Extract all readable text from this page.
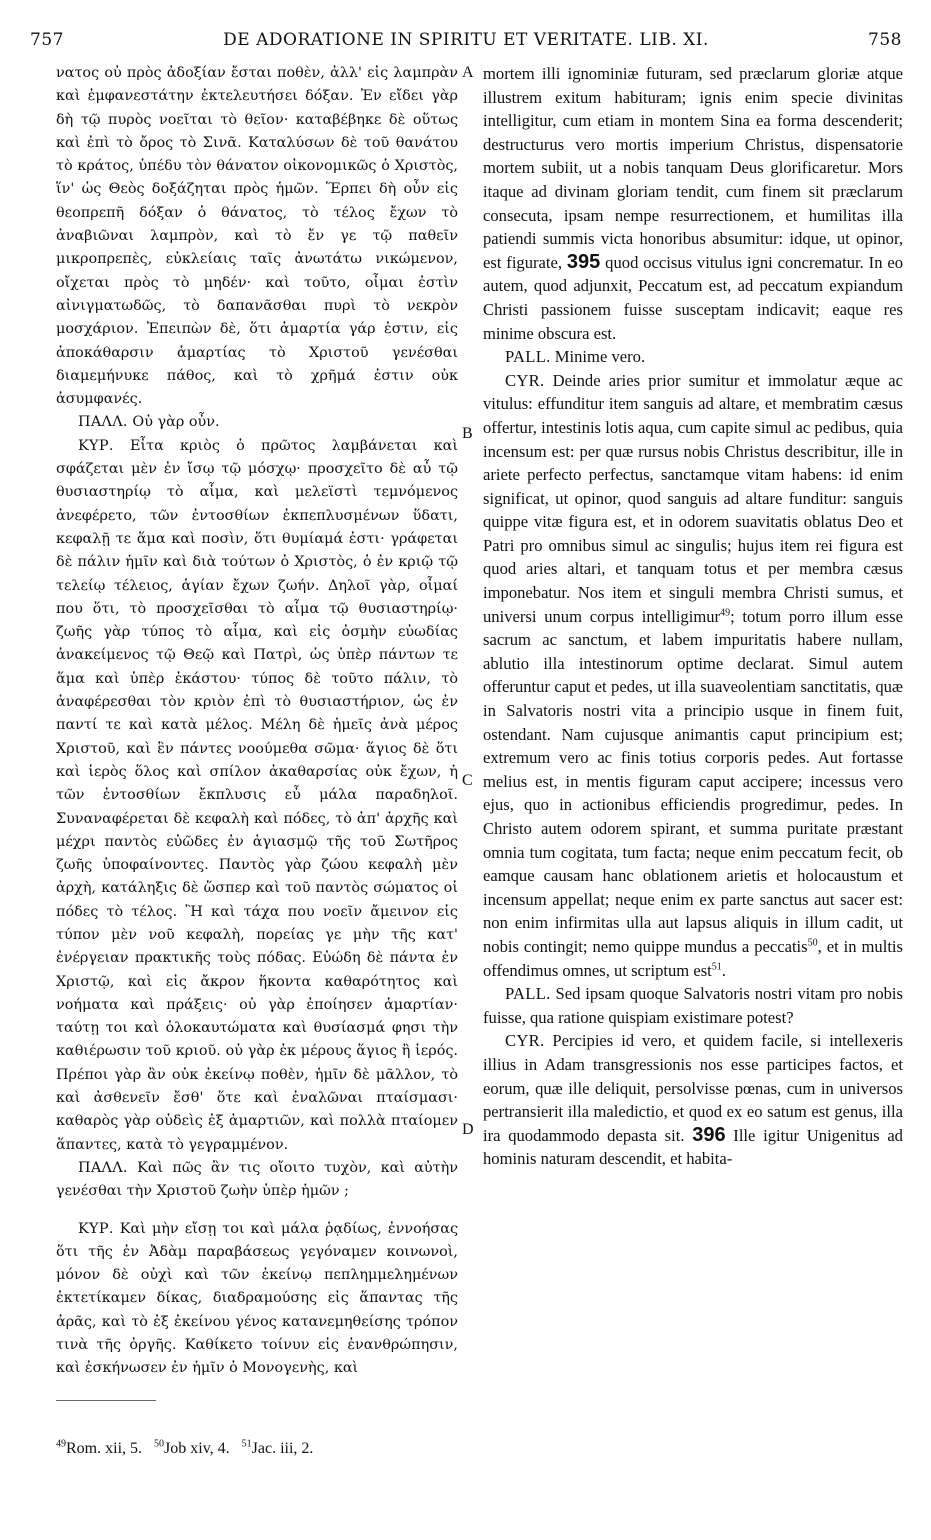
757	DE ADORATIONE IN SPIRITU ET VERITATE. LIB. XI.	758
A
B
C
D

νατος οὐ πρὸς ἀδοξίαν ἔσται ποθὲν, ἀλλ' εἰς λαμπρὰν καὶ ἐμφανεστάτην ἐκτελευτήσει δόξαν. Ἐν εἴδει γὰρ δὴ τῷ πυρὸς νοεῖται τὸ θεῖον· καταβέβηκε δὲ οὕτως καὶ ἐπὶ τὸ ὄρος τὸ Σινᾶ. Καταλύσων δὲ τοῦ θανάτου τὸ κράτος, ὑπέδυ τὸν θάνατον οἰκονομικῶς ὁ Χριστὸς, ἵν' ὡς Θεὸς δοξάζηται πρὸς ἡμῶν. Ἕρπει δὴ οὖν εἰς θεοπρεπῆ δόξαν ὁ θάνατος, τὸ τέλος ἔχων τὸ ἀναβιῶναι λαμπρὸν, καὶ τὸ ἔν γε τῷ παθεῖν μικροπρεπὲς, εὐκλείαις ταῖς ἀνωτάτω νικώμενον, οἴχεται πρὸς τὸ μηδέν· καὶ τοῦτο, οἶμαι ἐστὶν αἰνιγματωδῶς, τὸ δαπανᾶσθαι πυρὶ τὸ νεκρὸν μοσχάριον. Ἐπειπὼν δὲ, ὅτι ἁμαρτία γάρ ἐστιν, εἰς ἀποκάθαρσιν ἁμαρτίας τὸ Χριστοῦ γενέσθαι διαμεμήνυκε πάθος, καὶ τὸ χρῆμά ἐστιν οὐκ ἀσυμφανές.

ΠΑΛΛ. Οὐ γὰρ οὖν.

ΚΥΡ. Εἶτα κριὸς ὁ πρῶτος λαμβάνεται καὶ σφάζεται μὲν ἐν ἴσῳ τῷ μόσχῳ· προσχεῖτο δὲ αὖ τῷ θυσιαστηρίῳ τὸ αἷμα, καὶ μελεϊστὶ τεμνόμενος ἀνεφέρετο, τῶν ἐντοσθίων ἐκπεπλυσμένων ὕδατι, κεφαλῇ τε ἅμα καὶ ποσὶν, ὅτι θυμίαμά ἐστι· γράφεται δὲ πάλιν ἡμῖν καὶ διὰ τούτων ὁ Χριστὸς, ὁ ἐν κριῷ τῷ τελείῳ τέλειος, ἁγίαν ἔχων ζωήν. Δηλοῖ γὰρ, οἶμαί που ὅτι, τὸ προσχεῖσθαι τὸ αἷμα τῷ θυσιαστηρίῳ· ζωῆς γὰρ τύπος τὸ αἷμα, καὶ εἰς ὀσμὴν εὐωδίας ἀνακείμενος τῷ Θεῷ καὶ Πατρὶ, ὡς ὑπὲρ πάντων τε ἅμα καὶ ὑπὲρ ἑκάστου· τύπος δὲ τοῦτο πάλιν, τὸ ἀναφέρεσθαι τὸν κριὸν ἐπὶ τὸ θυσιαστήριον, ὡς ἐν παντί τε καὶ κατὰ μέλος. Μέλη δὲ ἡμεῖς ἀνὰ μέρος Χριστοῦ, καὶ ἓν πάντες νοούμεθα σῶμα· ἅγιος δὲ ὅτι καὶ ἱερὸς ὅλος καὶ σπίλον ἀκαθαρσίας οὐκ ἔχων, ἡ τῶν ἐντοσθίων ἔκπλυσις εὖ μάλα παραδηλοῖ. Συναναφέρεται δὲ κεφαλὴ καὶ πόδες, τὸ ἀπ' ἀρχῆς καὶ μέχρι παντὸς εὐῶδες ἐν ἁγιασμῷ τῆς τοῦ Σωτῆρος ζωῆς ὑποφαίνοντες. Παντὸς γὰρ ζώου κεφαλὴ μὲν ἀρχὴ, κατάληξις δὲ ὥσπερ καὶ τοῦ παντὸς σώματος οἱ πόδες τὸ τέλος. Ἢ καὶ τάχα που νοεῖν ἄμεινον εἰς τύπον μὲν νοῦ κεφαλὴ, πορείας γε μὴν τῆς κατ' ἐνέργειαν πρακτικῆς τοὺς πόδας. Εὐώδη δὲ πάντα ἐν Χριστῷ, καὶ εἰς ἄκρον ἥκοντα καθαρότητος καὶ νοήματα καὶ πράξεις· οὐ γὰρ ἐποίησεν ἁμαρτίαν· ταύτῃ τοι καὶ ὁλοκαυτώματα καὶ θυσίασμά φησι τὴν καθιέρωσιν τοῦ κριοῦ. οὐ γὰρ ἐκ μέρους ἅγιος ἢ ἱερός. Πρέποι γὰρ ἂν οὐκ ἐκείνῳ ποθὲν, ἡμῖν δὲ μᾶλλον, τὸ καὶ ἀσθενεῖν ἔσθ' ὅτε καὶ ἐναλῶναι πταίσμασι· καθαρὸς γὰρ οὐδεὶς ἐξ ἁμαρτιῶν, καὶ πολλὰ πταίομεν ἅπαντες, κατὰ τὸ γεγραμμένον.

ΠΑΛΛ. Καὶ πῶς ἂν τις οἴοιτο τυχὸν, καὶ αὐτὴν γενέσθαι τὴν Χριστοῦ ζωὴν ὑπὲρ ἡμῶν ;

ΚΥΡ. Καὶ μὴν εἴσῃ τοι καὶ μάλα ῥᾳδίως, ἐννοήσας ὅτι τῆς ἐν Ἀδὰμ παραβάσεως γεγόναμεν κοινωνοὶ, μόνον δὲ οὐχὶ καὶ τῶν ἐκείνῳ πεπλημμελημένων ἐκτετίκαμεν δίκας, διαδραμούσης εἰς ἅπαντας τῆς ἀρᾶς, καὶ τὸ ἐξ ἐκείνου γένος κατανεμηθείσης τρόπον τινὰ τῆς ὀργῆς. Καθίκετο τοίνυν εἰς ἐνανθρώπησιν, καὶ ἐσκήνωσεν ἐν ἡμῖν ὁ Μονογενὴς, καὶ

mortem illi ignominiæ futuram, sed præclarum gloriæ atque illustrem exitum habituram; ignis enim specie divinitas intelligitur, cum etiam in montem Sina ea forma descenderit; destructurus vero mortis imperium Christus, dispensatorie mortem subiit, ut a nobis tanquam Deus glorificaretur. Mors itaque ad divinam gloriam tendit, cum finem sit præclarum consecuta, ipsam nempe resurrectionem, et humilitas illa patiendi summis victa honoribus absumitur: idque, ut opinor, est figurate, 395 quod occisus vitulus igni concrematur. In eo autem, quod adjunxit, Peccatum est, ad peccatum expiandum Christi passionem fuisse susceptam indicavit; eaque res minime obscura est.

PALL. Minime vero.

CYR. Deinde aries prior sumitur et immolatur æque ac vitulus: effunditur item sanguis ad altare, et membratim cæsus offertur, intestinis lotis aqua, cum capite simul ac pedibus, quia incensum est: per quæ rursus nobis Christus describitur, ille in ariete perfecto perfectus, sanctamque vitam habens: id enim significat, ut opinor, quod sanguis ad altare funditur: sanguis quippe vitæ figura est, et in odorem suavitatis oblatus Deo et Patri pro omnibus simul ac singulis; hujus item rei figura est quod aries altari, et tanquam totus et per membra cæsus imponebatur. Nos item et singuli membra Christi sumus, et universi unum corpus intelligimur$^{49}$; totum porro illum esse sacrum ac sanctum, et labem impuritatis habere nullam, ablutio illa intestinorum optime declarat. Simul autem offeruntur caput et pedes, ut illa suaveolentiam sanctitatis, quæ in Salvatoris nostri vita a principio usque in finem fuit, ostendant. Nam cujusque animantis caput principium est; extremum vero ac finis totius corporis pedes. Aut fortasse melius est, in mentis figuram caput accipere; incessus vero ejus, quo in actionibus efficiendis progredimur, pedes. In Christo autem odorem spirant, et summa puritate præstant omnia tum cogitata, tum facta; neque enim peccatum fecit, ob eamque causam hanc oblationem arietis et holocaustum et incensum appellat; neque enim ex parte sanctus aut sacer est: non enim infirmitas ulla aut lapsus aliquis in illum cadit, ut nobis contingit; nemo quippe mundus a peccatis$^{50}$, et in multis offendimus omnes, ut scriptum est$^{51}$.

PALL. Sed ipsam quoque Salvatoris nostri vitam pro nobis fuisse, qua ratione quispiam existimare potest?

CYR. Percipies id vero, et quidem facile, si intellexeris illius in Adam transgressionis nos esse participes factos, et eorum, quæ ille deliquit, persolvisse pœnas, cum in universos pertransierit illa maledictio, et quod ex eo satum est genus, illa ira quodammodo depasta sit. 396 Ille igitur Unigenitus ad hominis naturam descendit, et habita-

$^{49}$Rom. xii, 5. $^{50}$Job xiv, 4. $^{51}$Jac. iii, 2.
